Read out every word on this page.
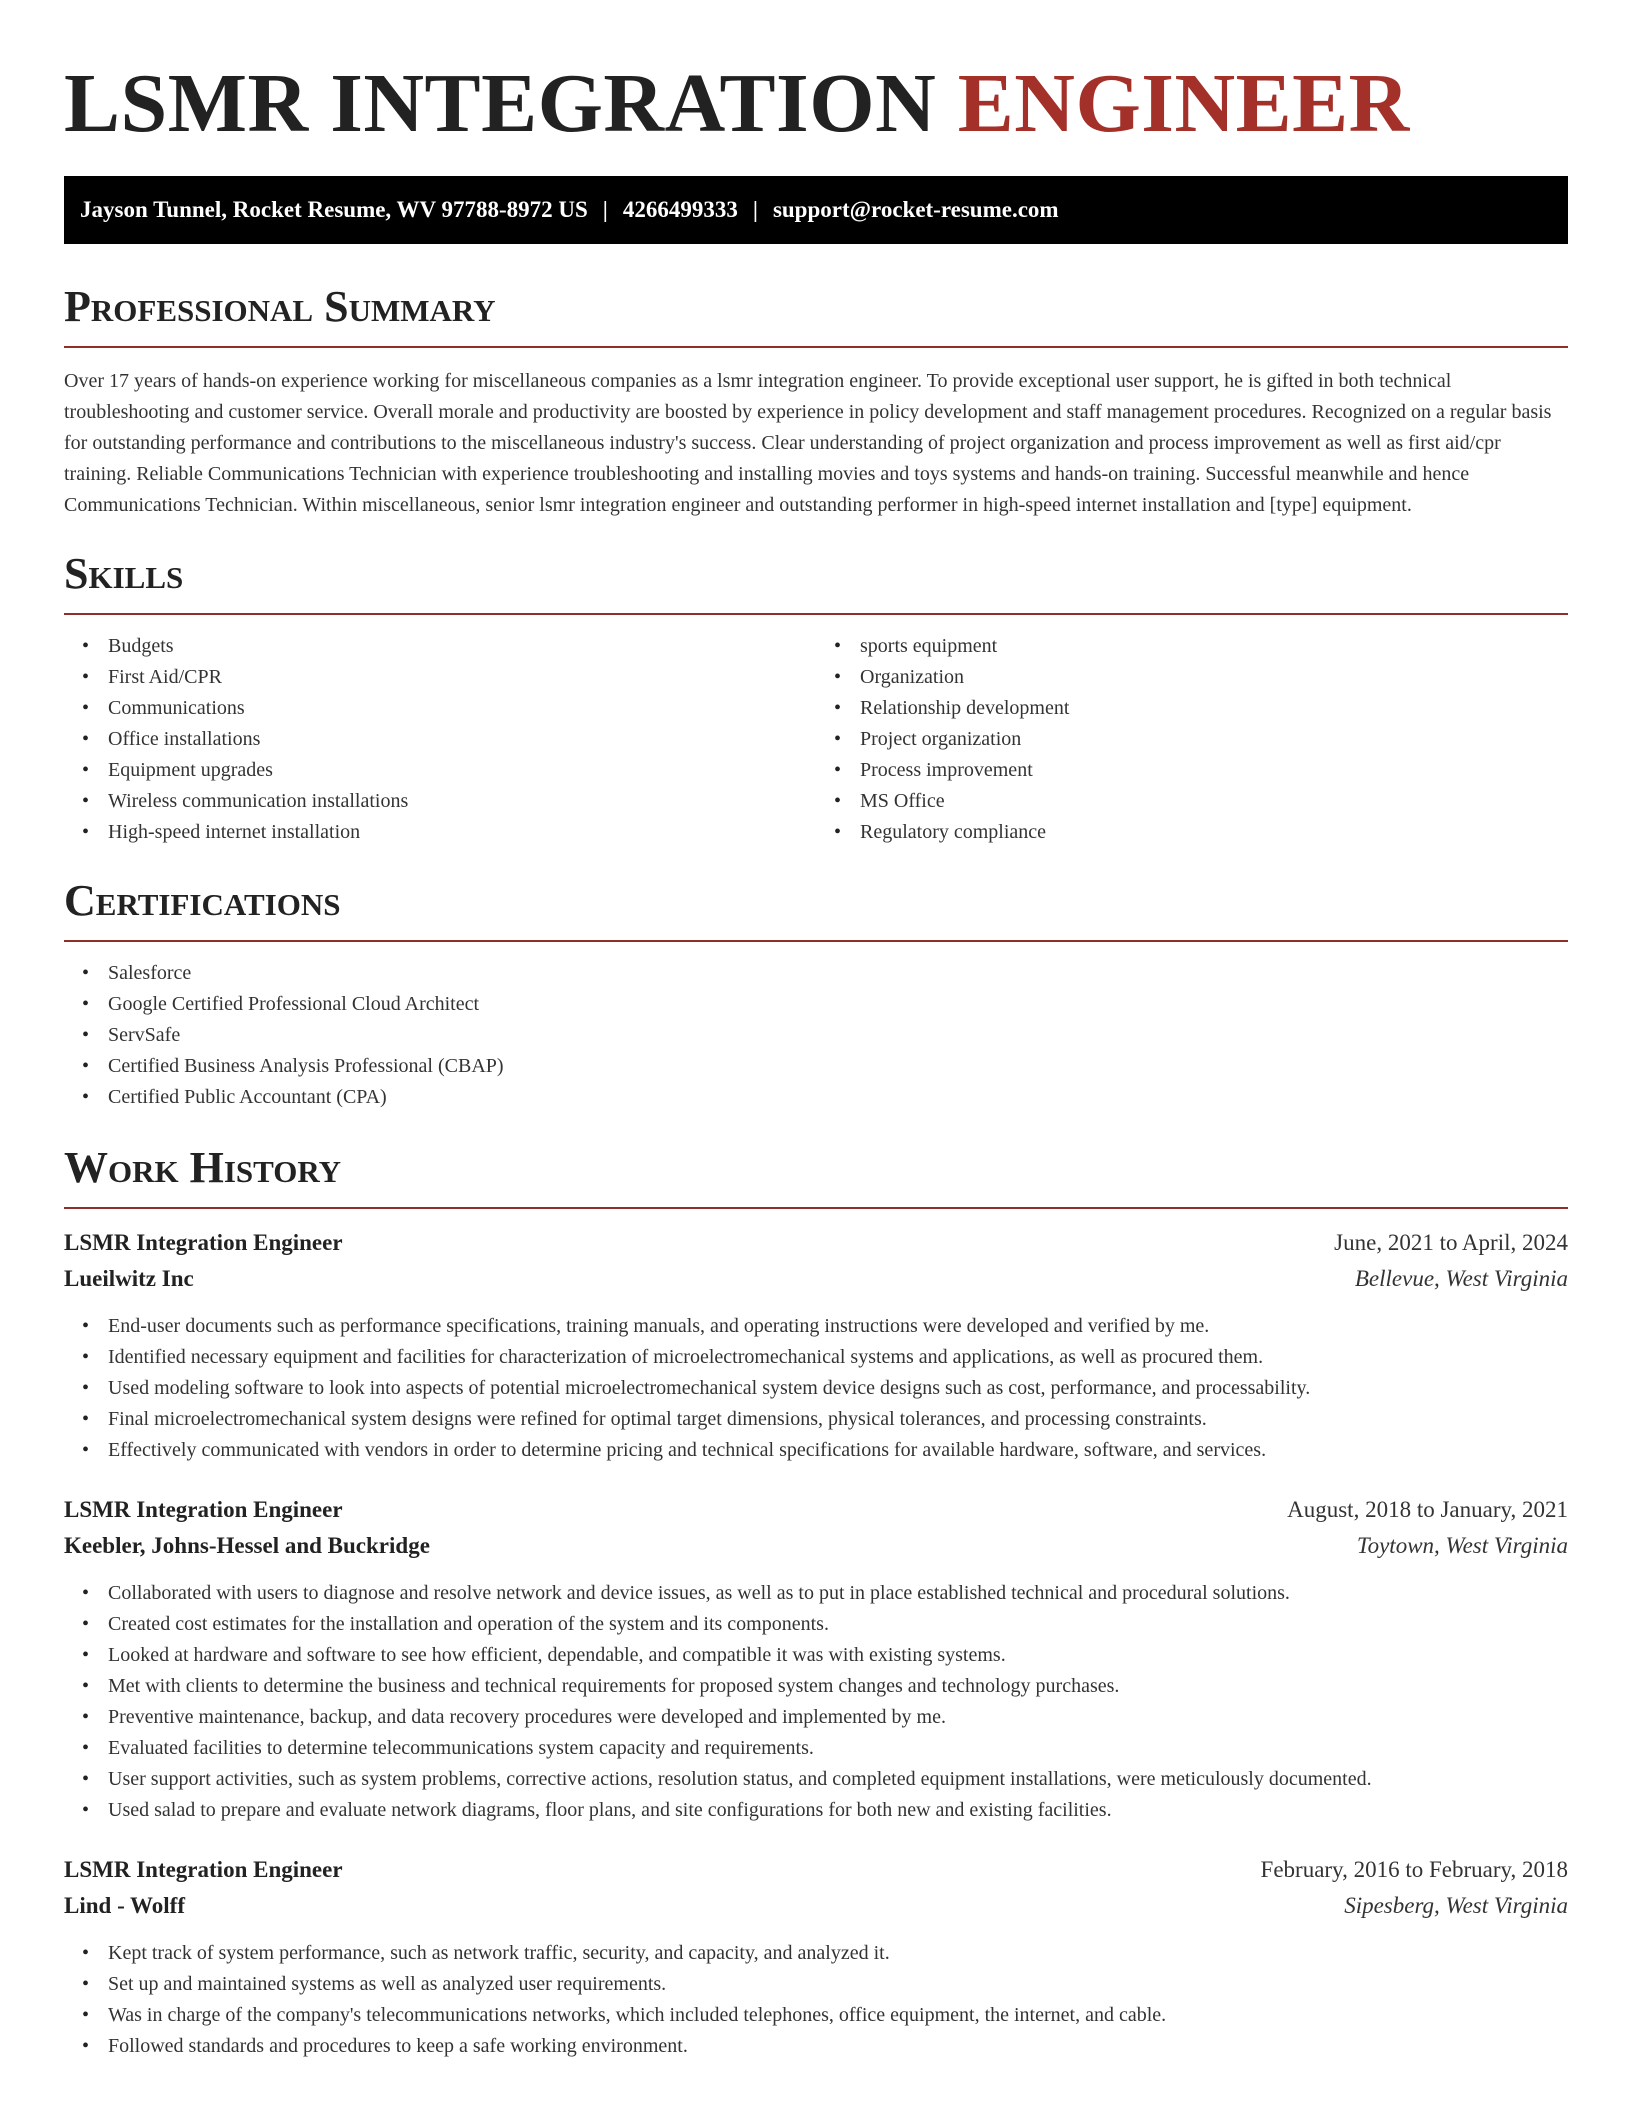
LSMR INTEGRATION ENGINEER
Jayson Tunnel, Rocket Resume, WV 97788-8972 US | 4266499333 | support@rocket-resume.com
Professional Summary

Over 17 years of hands-on experience working for miscellaneous companies as a lsmr integration engineer. To provide exceptional user support, he is gifted in both technical troubleshooting and customer service. Overall morale and productivity are boosted by experience in policy development and staff management procedures. Recognized on a regular basis for outstanding performance and contributions to the miscellaneous industry's success. Clear understanding of project organization and process improvement as well as first aid/cpr training. Reliable Communications Technician with experience troubleshooting and installing movies and toys systems and hands-on training. Successful meanwhile and hence Communications Technician. Within miscellaneous, senior lsmr integration engineer and outstanding performer in high-speed internet installation and [type] equipment.

Skills
• Budgets
• First Aid/CPR
• Communications
• Office installations
• Equipment upgrades
• Wireless communication installations
• High-speed internet installation
• sports equipment
• Organization
• Relationship development
• Project organization
• Process improvement
• MS Office
• Regulatory compliance
Certifications
• Salesforce
• Google Certified Professional Cloud Architect
• ServSafe
• Certified Business Analysis Professional (CBAP)
• Certified Public Accountant (CPA)
Work History
LSMR Integration Engineer	June, 2021 to April, 2024
Lueilwitz Inc	Bellevue, West Virginia
• End-user documents such as performance specifications, training manuals, and operating instructions were developed and verified by me.
• Identified necessary equipment and facilities for characterization of microelectromechanical systems and applications, as well as procured them.
• Used modeling software to look into aspects of potential microelectromechanical system device designs such as cost, performance, and processability.
• Final microelectromechanical system designs were refined for optimal target dimensions, physical tolerances, and processing constraints.
• Effectively communicated with vendors in order to determine pricing and technical specifications for available hardware, software, and services.
LSMR Integration Engineer	August, 2018 to January, 2021
Keebler, Johns-Hessel and Buckridge	Toytown, West Virginia
• Collaborated with users to diagnose and resolve network and device issues, as well as to put in place established technical and procedural solutions.
• Created cost estimates for the installation and operation of the system and its components.
• Looked at hardware and software to see how efficient, dependable, and compatible it was with existing systems.
• Met with clients to determine the business and technical requirements for proposed system changes and technology purchases.
• Preventive maintenance, backup, and data recovery procedures were developed and implemented by me.
• Evaluated facilities to determine telecommunications system capacity and requirements.
• User support activities, such as system problems, corrective actions, resolution status, and completed equipment installations, were meticulously documented.
• Used salad to prepare and evaluate network diagrams, floor plans, and site configurations for both new and existing facilities.
LSMR Integration Engineer	February, 2016 to February, 2018
Lind - Wolff	Sipesberg, West Virginia
• Kept track of system performance, such as network traffic, security, and capacity, and analyzed it.
• Set up and maintained systems as well as analyzed user requirements.
• Was in charge of the company's telecommunications networks, which included telephones, office equipment, the internet, and cable.
• Followed standards and procedures to keep a safe working environment.
